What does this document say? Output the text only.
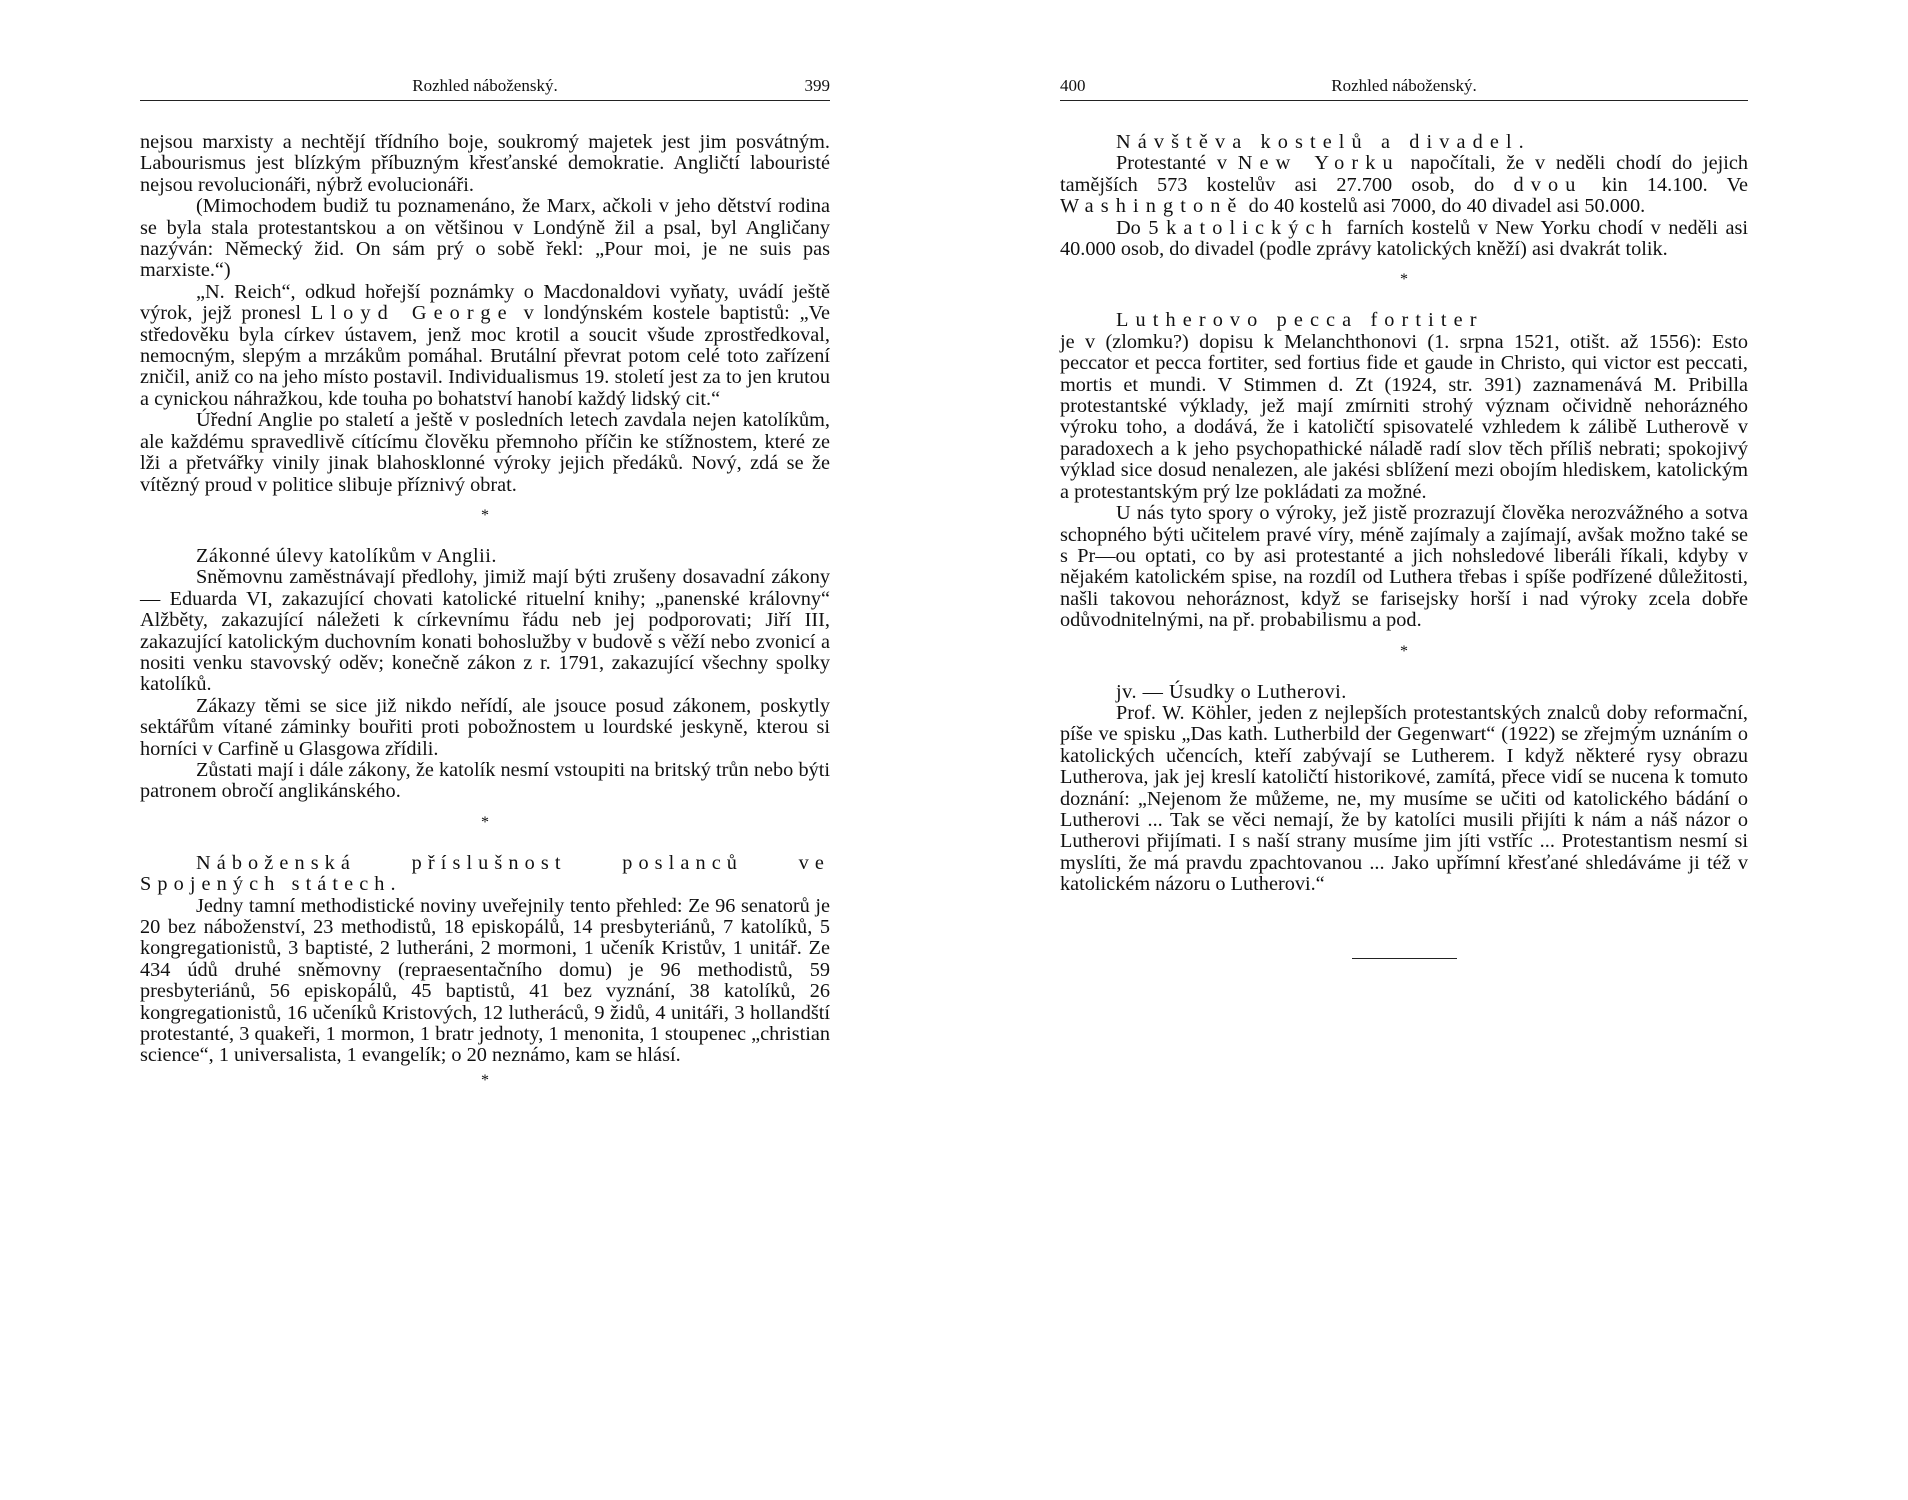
Rozhled náboženský.	399

nejsou marxisty a nechtějí třídního boje, soukromý majetek jest jim posvátným. Labourismus jest blízkým příbuzným křesťanské demokratie. Angličtí labouristé nejsou revolucionáři, nýbrž evolucionáři.

(Mimochodem budiž tu poznamenáno, že Marx, ačkoli v jeho dětství rodina se byla stala protestantskou a on většinou v Londýně žil a psal, byl Angličany nazýván: Německý žid. On sám prý o sobě řekl: „Pour moi, je ne suis pas marxiste.“)

„N. Reich“, odkud hořejší poznámky o Macdonaldovi vyňaty, uvádí ještě výrok, jejž pronesl Lloyd George v londýnském kostele baptistů: „Ve středověku byla církev ústavem, jenž moc krotil a soucit všude zprostředkoval, nemocným, slepým a mrzákům pomáhal. Brutální převrat potom celé toto zařízení zničil, aniž co na jeho místo postavil. Individualismus 19. století jest za to jen krutou a cynickou náhražkou, kde touha po bohatství hanobí každý lidský cit.“

Úřední Anglie po staletí a ještě v posledních letech zavdala nejen katolíkům, ale každému spravedlivě cítícímu člověku přemnoho příčin ke stížnostem, které ze lži a přetvářky vinily jinak blahosklonné výroky jejich předáků. Nový, zdá se že vítězný proud v politice slibuje příznivý obrat.

*

Zákonné úlevy katolíkům v Anglii.

Sněmovnu zaměstnávají předlohy, jimiž mají býti zrušeny dosavadní zákony — Eduarda VI, zakazující chovati katolické rituelní knihy; „panenské královny“ Alžběty, zakazující náležeti k církevnímu řádu neb jej podporovati; Jiří III, zakazující katolickým duchovním konati bohoslužby v budově s věží nebo zvonicí a nositi venku stavovský oděv; konečně zákon z r. 1791, zakazující všechny spolky katolíků.

Zákazy těmi se sice již nikdo neřídí, ale jsouce posud zákonem, poskytly sektářům vítané záminky bouřiti proti pobožnostem u lourdské jeskyně, kterou si horníci v Carfině u Glasgowa zřídili.

Zůstati mají i dále zákony, že katolík nesmí vstoupiti na britský trůn nebo býti patronem obročí anglikánského.

*

Náboženská příslušnost poslanců ve Spojených státech.

Jedny tamní methodistické noviny uveřejnily tento přehled: Ze 96 senatorů je 20 bez náboženství, 23 methodistů, 18 episkopálů, 14 presbyteriánů, 7 katolíků, 5 kongregationistů, 3 baptisté, 2 lutheráni, 2 mormoni, 1 učeník Kristův, 1 unitář. Ze 434 údů druhé sněmovny (repraesentačního domu) je 96 methodistů, 59 presbyteriánů, 56 episkopálů, 45 baptistů, 41 bez vyznání, 38 katolíků, 26 kongregationistů, 16 učeníků Kristových, 12 lutheráců, 9 židů, 4 unitáři, 3 hollandští protestanté, 3 quakeři, 1 mormon, 1 bratr jednoty, 1 menonita, 1 stoupenec „christian science“, 1 universalista, 1 evangelík; o 20 neznámo, kam se hlásí.

*
400	Rozhled náboženský.

Návštěva kostelů a divadel.

Protestanté v New Yorku napočítali, že v neděli chodí do jejich tamějších 573 kostelův asi 27.700 osob, do dvou kin 14.100. Ve Washingtoně do 40 kostelů asi 7000, do 40 divadel asi 50.000.

Do 5 katolických farních kostelů v New Yorku chodí v neděli asi 40.000 osob, do divadel (podle zprávy katolických kněží) asi dvakrát tolik.

*

Lutherovo pecca fortiter

je v (zlomku?) dopisu k Melanchthonovi (1. srpna 1521, otišt. až 1556): Esto peccator et pecca fortiter, sed fortius fide et gaude in Christo, qui victor est peccati, mortis et mundi. V Stimmen d. Zt (1924, str. 391) zaznamenává M. Pribilla protestantské výklady, jež mají zmírniti strohý význam očividně nehorázného výroku toho, a dodává, že i katoličtí spisovatelé vzhledem k zálibě Lutherově v paradoxech a k jeho psychopathické náladě radí slov těch příliš nebrati; spokojivý výklad sice dosud nenalezen, ale jakési sblížení mezi obojím hlediskem, katolickým a protestantským prý lze pokládati za možné.

U nás tyto spory o výroky, jež jistě prozrazují člověka nerozvážného a sotva schopného býti učitelem pravé víry, méně zajímaly a zajímají, avšak možno také se s Pr—ou optati, co by asi protestanté a jich nohsledové liberáli říkali, kdyby v nějakém katolickém spise, na rozdíl od Luthera třebas i spíše podřízené důležitosti, našli takovou nehoráznost, když se farisejsky horší i nad výroky zcela dobře odůvodnitelnými, na př. probabilismu a pod.

*

jv. — Úsudky o Lutherovi.

Prof. W. Köhler, jeden z nejlepších protestantských znalců doby reformační, píše ve spisku „Das kath. Lutherbild der Gegenwart“ (1922) se zřejmým uznáním o katolických učencích, kteří zabývají se Lutherem. I když některé rysy obrazu Lutherova, jak jej kreslí katoličtí historikové, zamítá, přece vidí se nucena k tomuto doznání: „Nejenom že můžeme, ne, my musíme se učiti od katolického bádání o Lutherovi ... Tak se věci nemají, že by katolíci musili přijíti k nám a náš názor o Lutherovi přijímati. I s naší strany musíme jim jíti vstříc ... Protestantism nesmí si myslíti, že má pravdu zpachtovanou ... Jako upřímní křesťané shledáváme ji též v katolickém názoru o Lutherovi.“
